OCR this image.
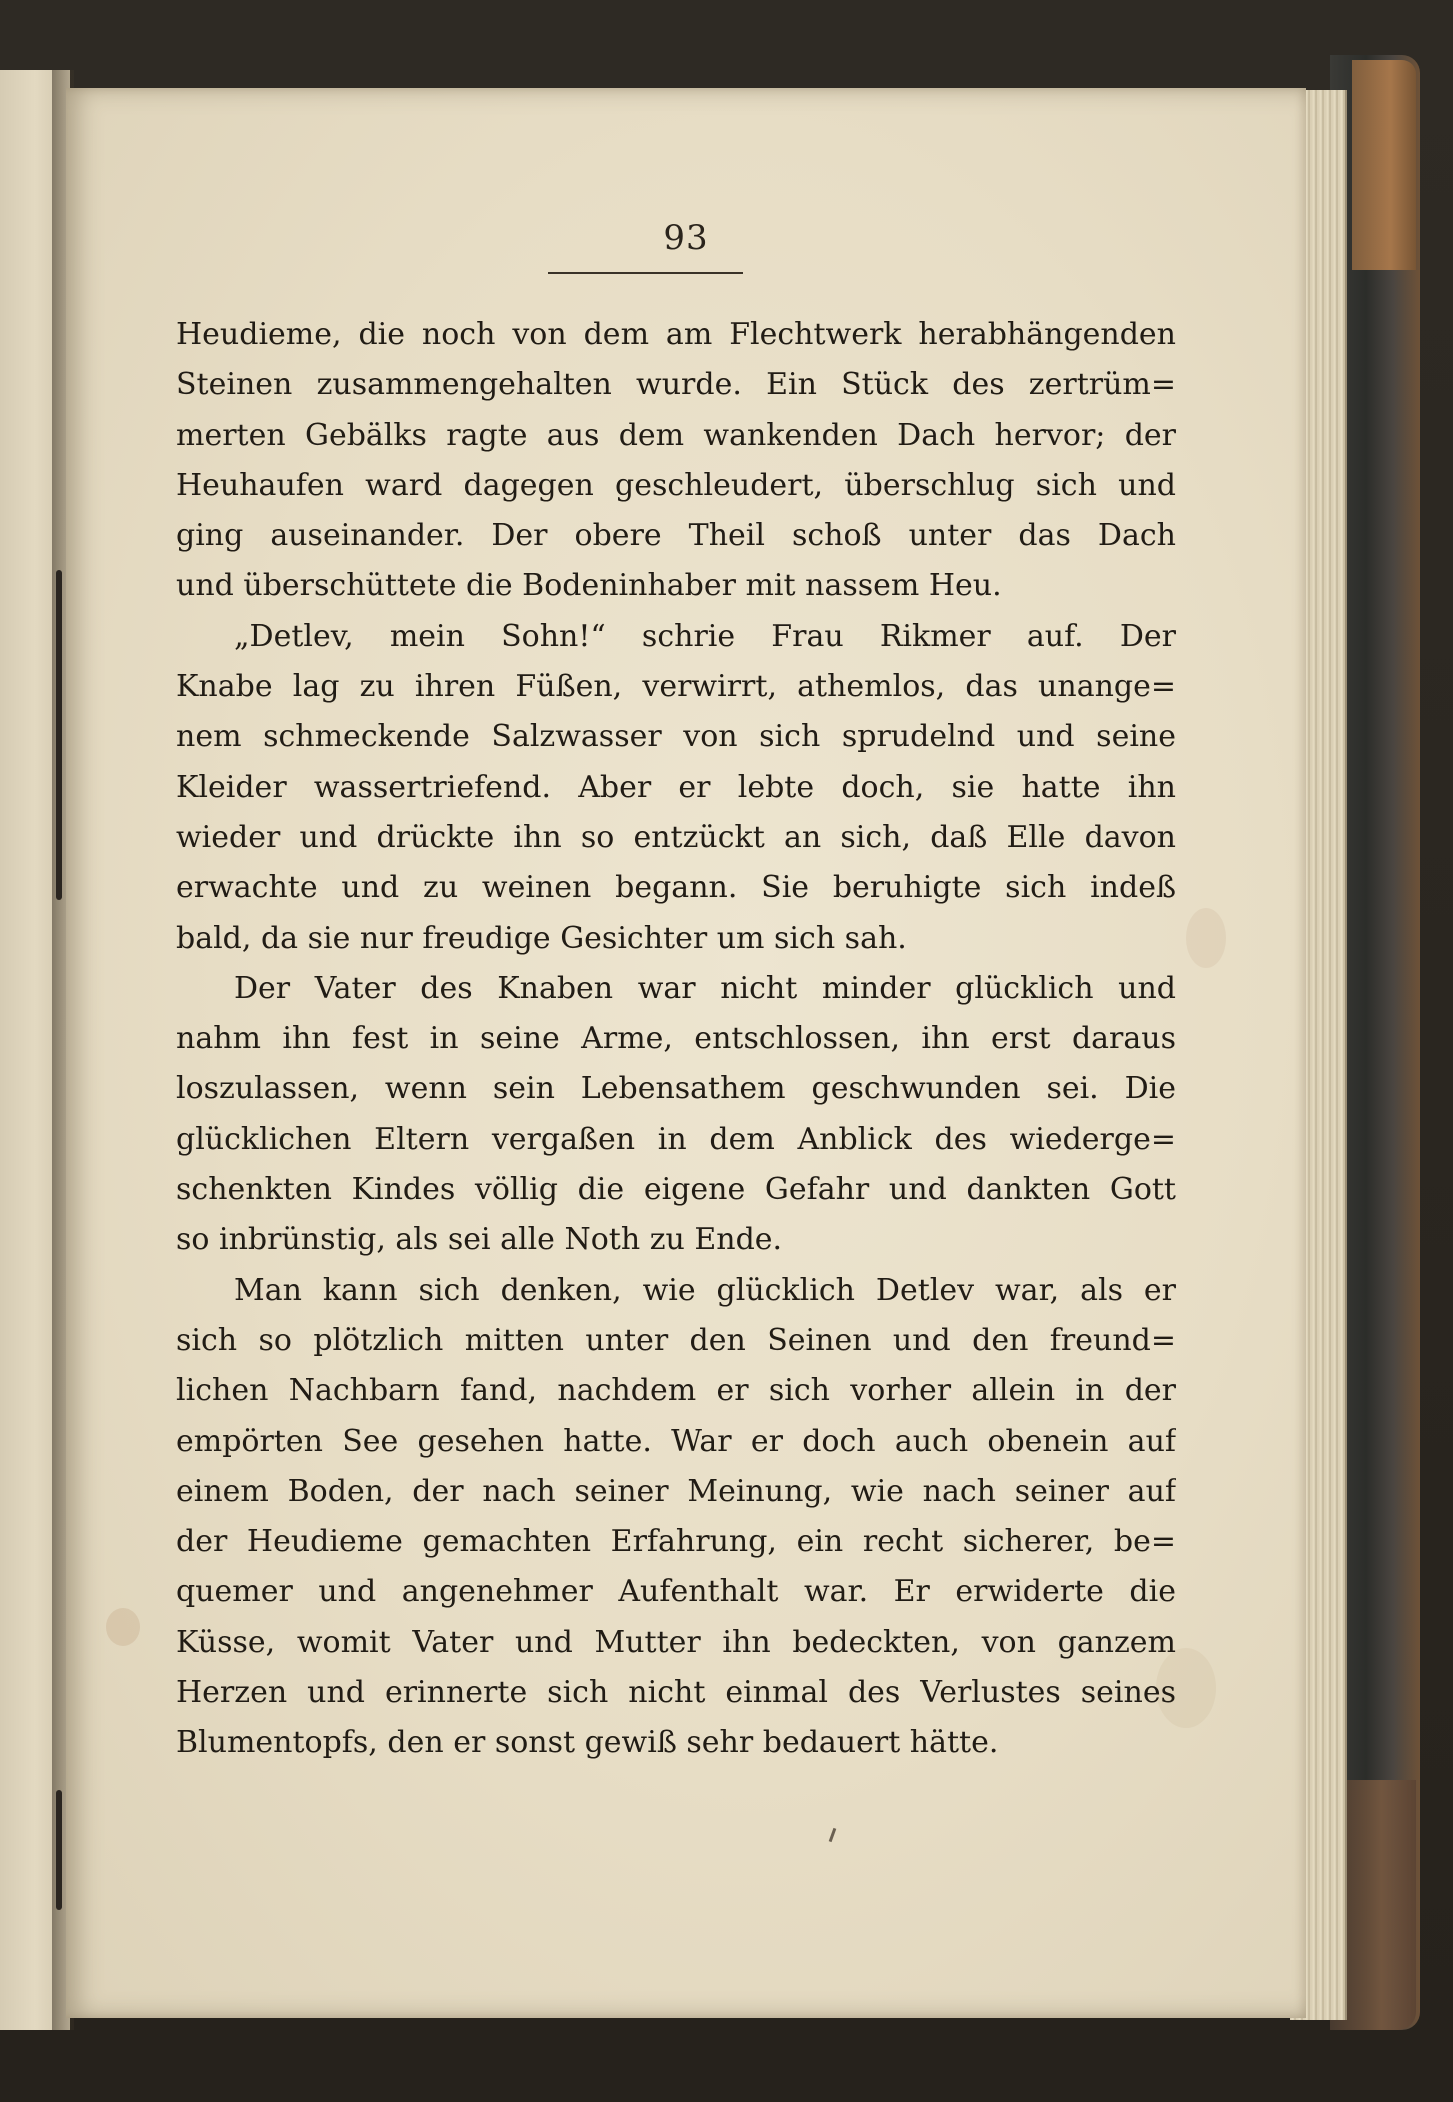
93
Heudieme, die noch von dem am Flechtwerk herabhängenden
Steinen zusammengehalten wurde. Ein Stück des zertrüm=
merten Gebälks ragte aus dem wankenden Dach hervor; der
Heuhaufen ward dagegen geschleudert, überschlug sich und
ging auseinander. Der obere Theil schoß unter das Dach
und überschüttete die Bodeninhaber mit nassem Heu.
„Detlev, mein Sohn!“ schrie Frau Rikmer auf. Der
Knabe lag zu ihren Füßen, verwirrt, athemlos, das unange=
nem schmeckende Salzwasser von sich sprudelnd und seine
Kleider wassertriefend. Aber er lebte doch, sie hatte ihn
wieder und drückte ihn so entzückt an sich, daß Elle davon
erwachte und zu weinen begann. Sie beruhigte sich indeß
bald, da sie nur freudige Gesichter um sich sah.
Der Vater des Knaben war nicht minder glücklich und
nahm ihn fest in seine Arme, entschlossen, ihn erst daraus
loszulassen, wenn sein Lebensathem geschwunden sei. Die
glücklichen Eltern vergaßen in dem Anblick des wiederge=
schenkten Kindes völlig die eigene Gefahr und dankten Gott
so inbrünstig, als sei alle Noth zu Ende.
Man kann sich denken, wie glücklich Detlev war, als er
sich so plötzlich mitten unter den Seinen und den freund=
lichen Nachbarn fand, nachdem er sich vorher allein in der
empörten See gesehen hatte. War er doch auch obenein auf
einem Boden, der nach seiner Meinung, wie nach seiner auf
der Heudieme gemachten Erfahrung, ein recht sicherer, be=
quemer und angenehmer Aufenthalt war. Er erwiderte die
Küsse, womit Vater und Mutter ihn bedeckten, von ganzem
Herzen und erinnerte sich nicht einmal des Verlustes seines
Blumentopfs, den er sonst gewiß sehr bedauert hätte.
